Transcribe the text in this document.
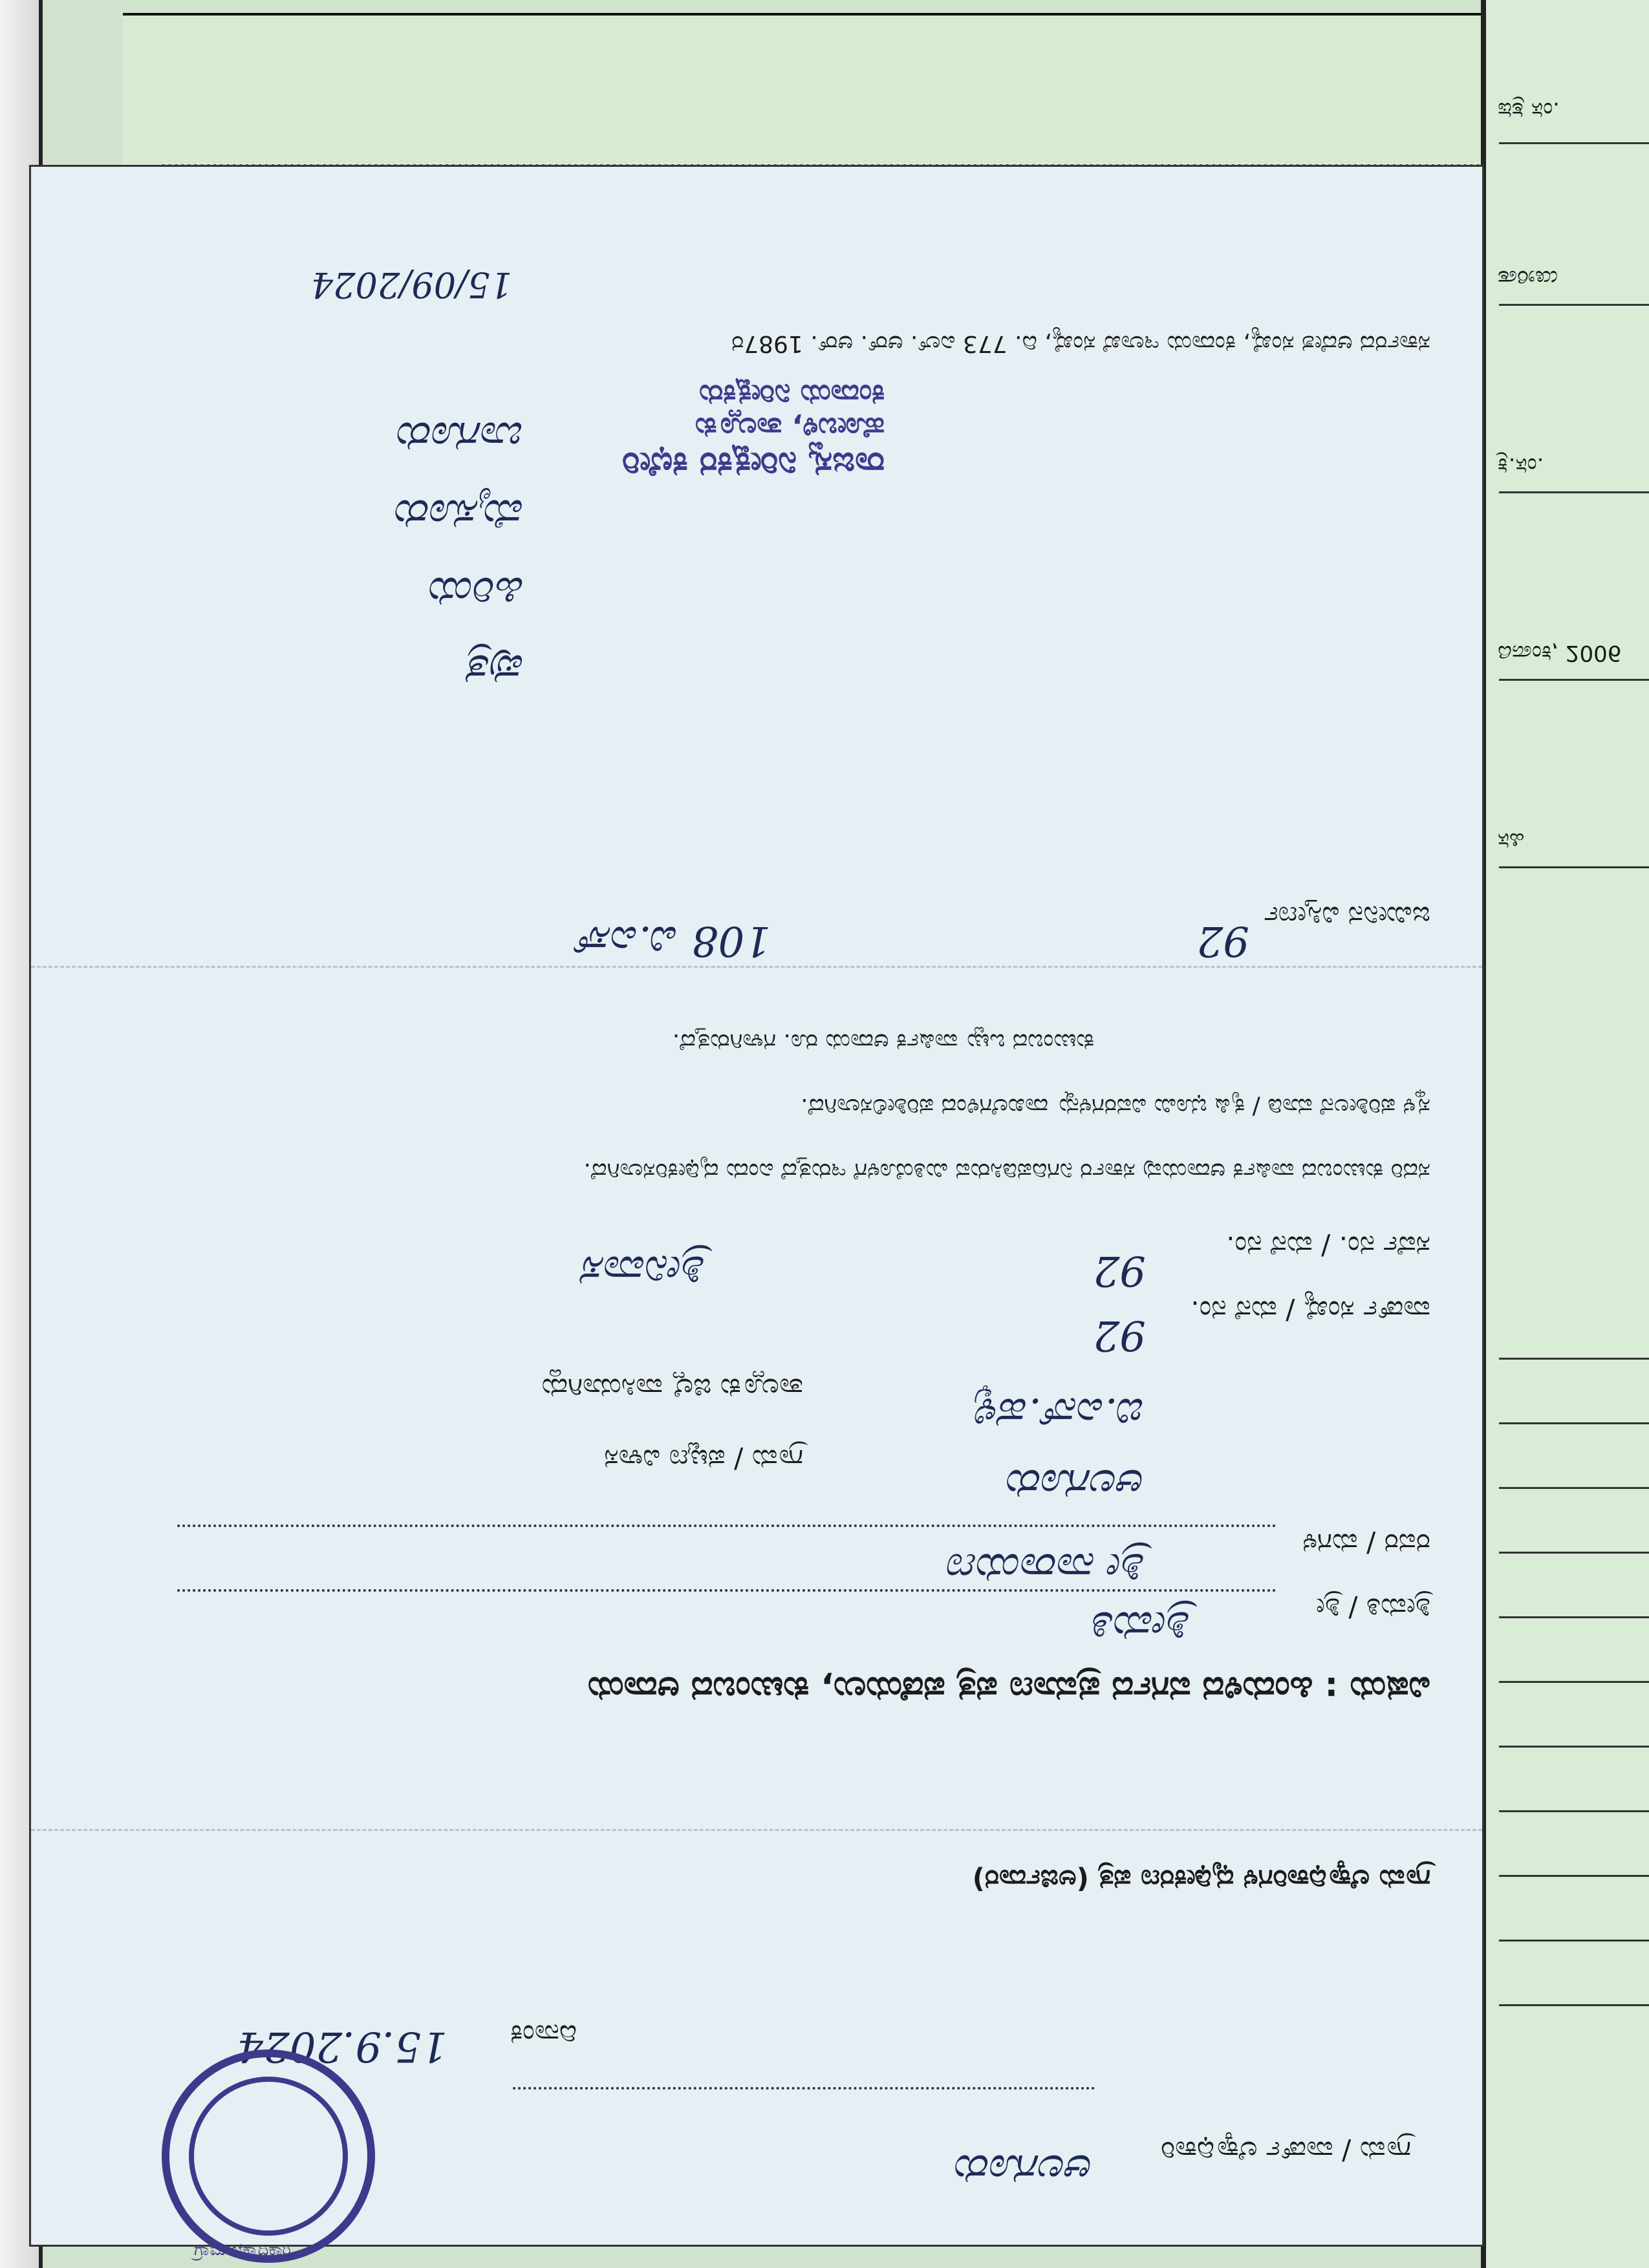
ಪತ್ರ ಸಂ.
ತಾರೀಖು
ಕ್ರ.ಸಂ.
ದಿನಾಂಕ, 2006
ಸಹಿ
ಗ್ರಾಮ / ವಾರ್ಡ್ ಲೆಕ್ಕಾಧಿಕಾರಿ
ಆಲಗೂರು
ದಿನಾಂಕ
15.9.2024
ಗ್ರಾಮ ಲೆಕ್ಕಾಧಿಕಾರಿಗಳ ಧೃಢೀಕರಣ ಪತ್ರ (ಅರ್ಜಿದಾರ)
ವಿಷಯ : ಹಿಂದುಳಿದ ವರ್ಗದ ಪ್ರಮಾಣ ಪತ್ರ ಪಡೆಯಲು, ಕುಟುಂಬದ ಆದಾಯ
ಶ್ರೀಮತಿ / ಶ್ರೀ
ಶ್ರೀಮತಿ
ರವರ / ಮಗಳ
ಶ್ರೀ ನಾರಾಯಣ
ಗ್ರಾಮ / ಪಟ್ಟಣ ವಿಳಾಸ
ಆಲಗೂರು
ತಾಲ್ಲೂಕು ಜಿಲ್ಲೆ ವಾಸಿಯಾಗಿದ್ದು
ಬಿ.ಎನ್.ಹಳ್ಳಿ
ವಾರ್ಡ್ ಸಂಖ್ಯೆ / ಮನೆ ನಂ.
92
ಸರ್ವೆ ನಂ. / ಮನೆ ನಂ.
92
ಶ್ರೀನಿವಾಸ
ಸದರಿ ಕುಟುಂಬದ ವಾರ್ಷಿಕ ಆದಾಯವು ಸರ್ಕಾರ ನಿಗದಿಪಡಿಸಿರುವ ಮಿತಿಯೊಳಗೆ ಇರುತ್ತದೆ ಎಂದು ದೃಢೀಕರಿಸಲಾಗಿದೆ.
ಸ್ಥಳ ಪರಿಶೀಲನೆ ಮಾಡಿ / ಕೃಷಿ ಭೂಮಿ ವಿವರಗಳನ್ನು ದಾಖಲೆಗಳಿಂದ ಪರಿಶೀಲಿಸಲಾಗಿದೆ.
ಕುಟುಂಬದ ಒಟ್ಟು ವಾರ್ಷಿಕ ಆದಾಯ ರೂ. ಗಳಾಗಿರುತ್ತದೆ.
ಜಮೀನಿನ ವಿಸ್ತೀರ್ಣ
92
108 ವಿ.ಎಸ್
ಪುತ್ರ
ಹಿರಿಯ
ಮೈಸೂರು
ಬಾಗೂರು
ಸರ್ಕಾರದ ಆದೇಶ ಸಂಖ್ಯೆ, ಕಂದಾಯ ಇಲಾಖೆ ಸಂಖ್ಯೆ, ದಿ. 773 ಎಲ್. ಆರ್. ಆರ್. 1987ರ
15/09/2024
ರಾಜಸ್ವ ನಿರೀಕ್ಷಕರ ಕಛೇರಿ
ಹೋಬಳಿ, ತಾಲ್ಲೂಕು
ಕಂದಾಯ ನಿರೀಕ್ಷಕರು
ಗ್ರಾಮ ಲೆಕ್ಕಾಧಿಕಾರಿ
